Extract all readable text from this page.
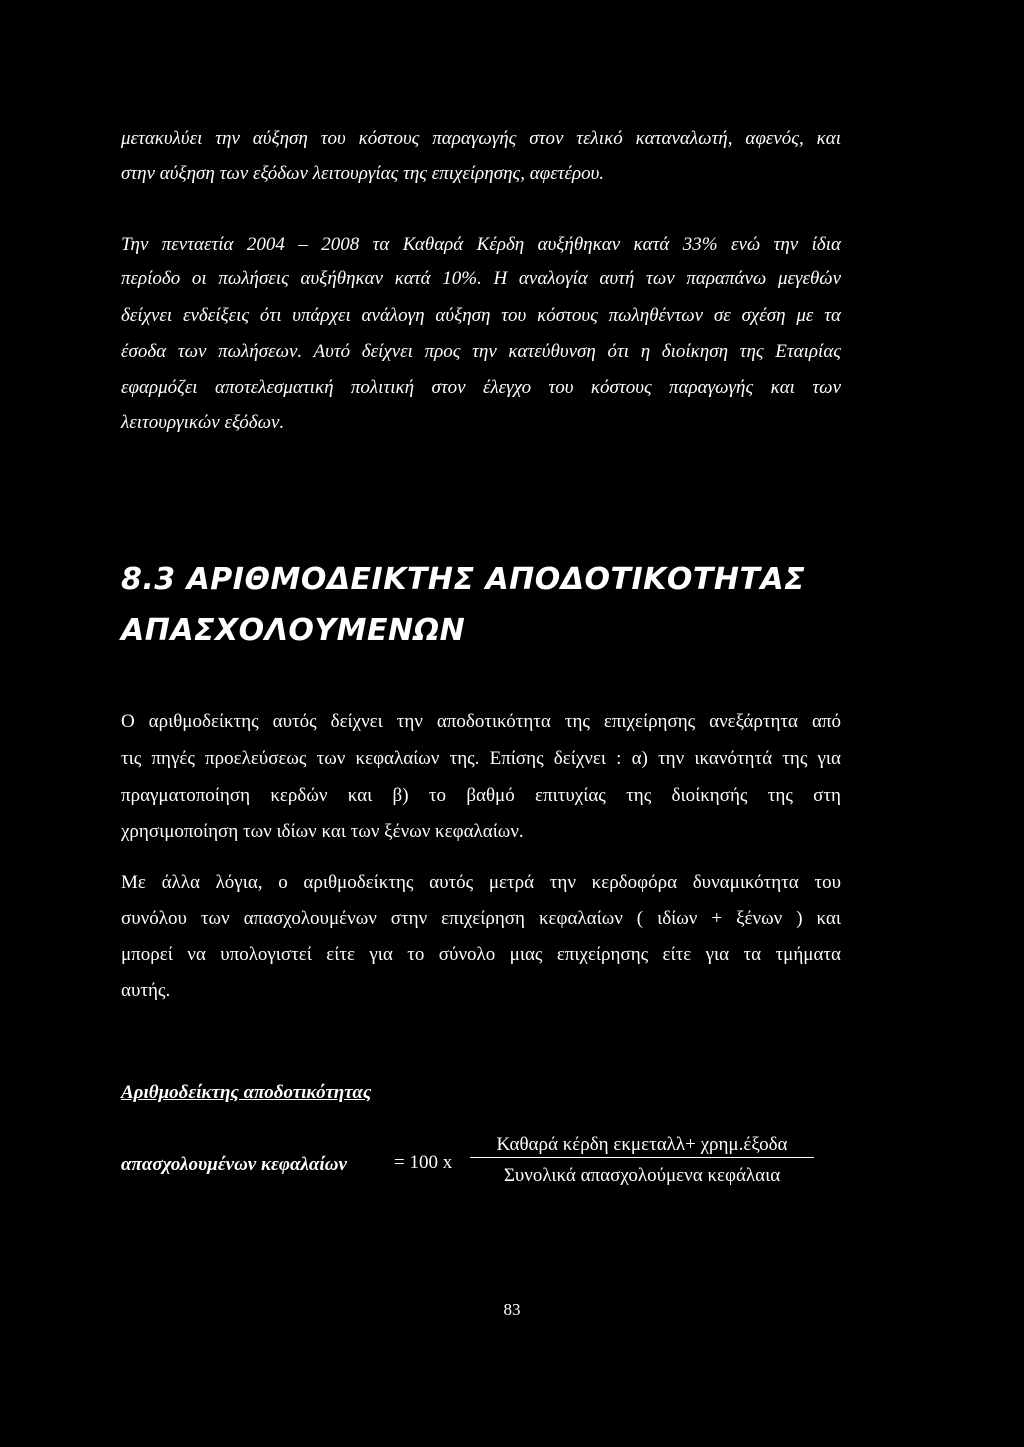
μετακυλύει την αύξηση του κόστους παραγωγής στον τελικό καταναλωτή, αφενός, και
στην αύξηση των εξόδων λειτουργίας της επιχείρησης, αφετέρου.
Την πενταετία 2004 – 2008 τα Καθαρά Κέρδη αυξήθηκαν κατά 33% ενώ την ίδια
περίοδο οι πωλήσεις αυξήθηκαν κατά 10%. Η αναλογία αυτή των παραπάνω μεγεθών
δείχνει ενδείξεις ότι υπάρχει ανάλογη αύξηση του κόστους πωληθέντων σε σχέση με τα
έσοδα των πωλήσεων. Αυτό δείχνει προς την κατεύθυνση ότι η διοίκηση της Εταιρίας
εφαρμόζει αποτελεσματική πολιτική στον έλεγχο του κόστους παραγωγής και των
λειτουργικών εξόδων.
8.3 ΑΡΙΘΜΟΔΕΙΚΤΗΣ ΑΠΟΔΟΤΙΚΟΤΗΤΑΣ
ΑΠΑΣΧΟΛΟΥΜΕΝΩΝ
Ο αριθμοδείκτης αυτός δείχνει την αποδοτικότητα της επιχείρησης ανεξάρτητα από
τις πηγές προελεύσεως των κεφαλαίων της. Επίσης δείχνει : α) την ικανότητά της για
πραγματοποίηση κερδών και β) το βαθμό επιτυχίας της διοίκησής της στη
χρησιμοποίηση των ιδίων και των ξένων κεφαλαίων.
Με άλλα λόγια, ο αριθμοδείκτης αυτός μετρά την κερδοφόρα δυναμικότητα του
συνόλου των απασχολουμένων στην επιχείρηση κεφαλαίων ( ιδίων + ξένων ) και
μπορεί να υπολογιστεί είτε για το σύνολο μιας επιχείρησης είτε για τα τμήματα
αυτής.
Αριθμοδείκτης αποδοτικότητας
απασχολουμένων κεφαλαίων = 100 x
Καθαρά κέρδη εκμεταλλ+ χρημ.έξοδα
Συνολικά απασχολούμενα κεφάλαια
83
